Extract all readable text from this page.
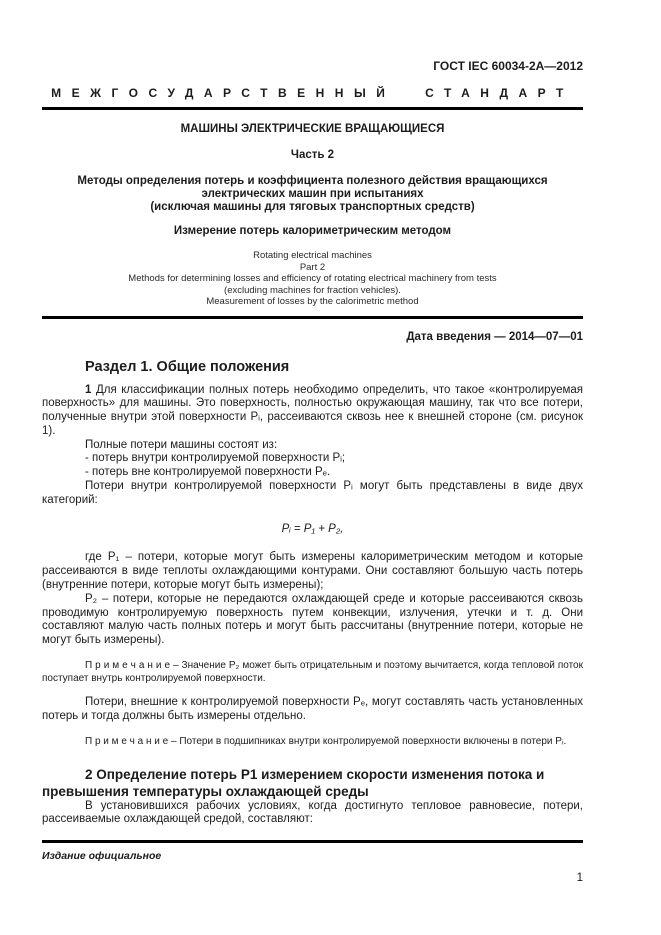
ГОСТ IEC 60034-2А—2012
МЕЖГОСУДАРСТВЕННЫЙ СТАНДАРТ
МАШИНЫ ЭЛЕКТРИЧЕСКИЕ ВРАЩАЮЩИЕСЯ
Часть 2
Методы определения потерь и коэффициента полезного действия вращающихся электрических машин при испытаниях
(исключая машины для тяговых транспортных средств)
Измерение потерь калориметрическим методом
Rotating electrical machines
Part 2
Methods for determining losses and efficiency of rotating electrical machinery from tests
(excluding machines for fraction vehicles).
Measurement of losses by the calorimetric method
Дата введения — 2014—07—01
Раздел 1. Общие положения

1 Для классификации полных потерь необходимо определить, что такое «контролируемая поверхность» для машины. Это поверхность, полностью окружающая машину, так что все потери, полученные внутри этой поверхности Pᵢ, рассеиваются сквозь нее к внешней стороне (см. рисунок 1).

Полные потери машины состоят из:

- потерь внутри контролируемой поверхности Pᵢ;

- потерь вне контролируемой поверхности Pₑ.

Потери внутри контролируемой поверхности Pᵢ могут быть представлены в виде двух категорий:

Pᵢ = P₁ + P₂,

где P₁ – потери, которые могут быть измерены калориметрическим методом и которые рассеиваются в виде теплоты охлаждающими контурами. Они составляют большую часть потерь (внутренние потери, которые могут быть измерены);

P₂ – потери, которые не передаются охлаждающей среде и которые рассеиваются сквозь проводимую контролируемую поверхность путем конвекции, излучения, утечки и т. д. Они составляют малую часть полных потерь и могут быть рассчитаны (внутренние потери, которые не могут быть измерены).

П р и м е ч а н и е – Значение P₂ может быть отрицательным и поэтому вычитается, когда тепловой поток поступает внутрь контролируемой поверхности.

Потери, внешние к контролируемой поверхности Pₑ, могут составлять часть установленных потерь и тогда должны быть измерены отдельно.

П р и м е ч а н и е – Потери в подшипниках внутри контролируемой поверхности включены в потери Pᵢ.
2 Определение потерь Р1 измерением скорости изменения потока и превышения температуры охлаждающей среды

В установившихся рабочих условиях, когда достигнуто тепловое равновесие, потери, рассеиваемые охлаждающей средой, составляют:

Издание официальное
1
